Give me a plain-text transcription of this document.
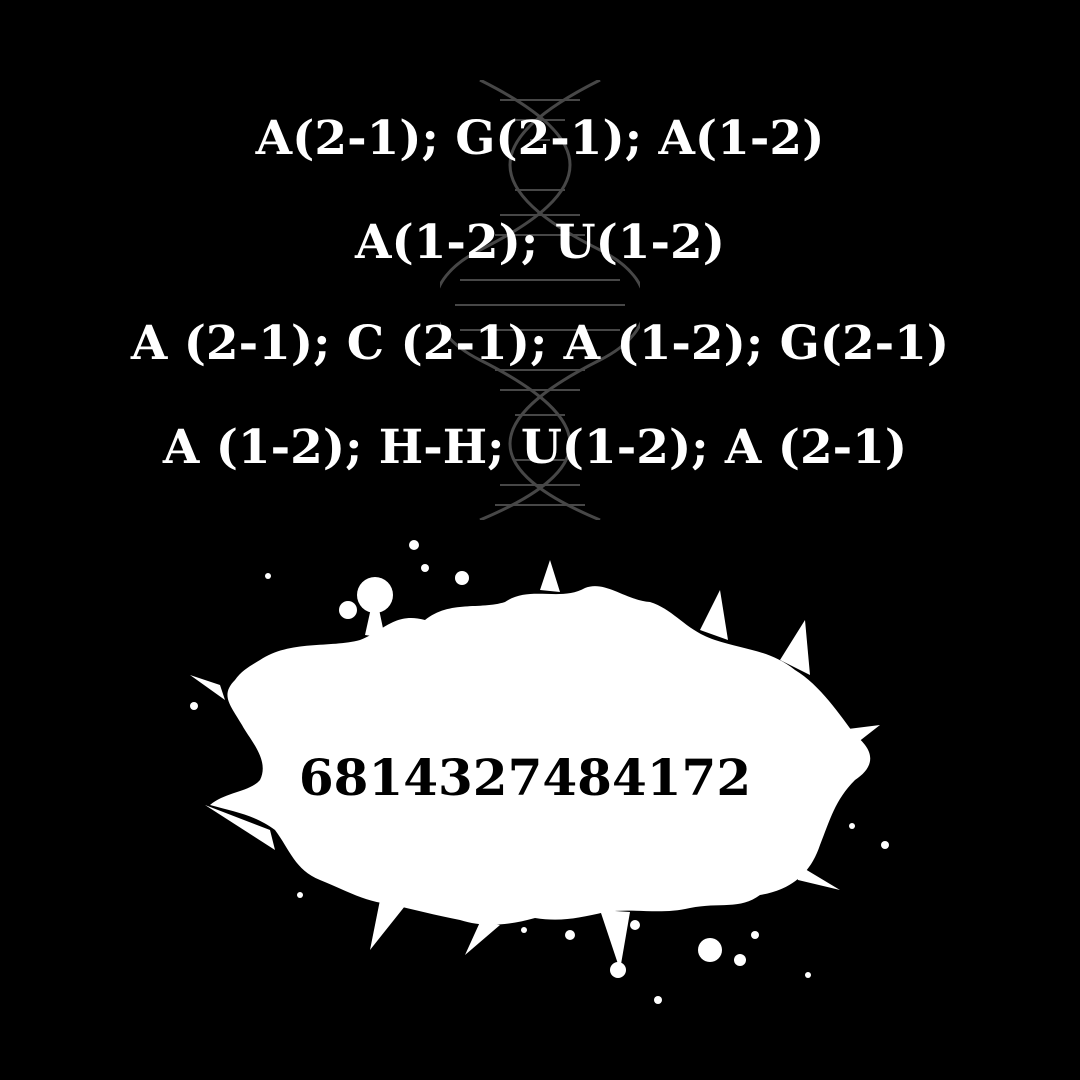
A(2-1); G(2-1); A(1-2)
A(1-2); U(1-2)
A (2-1); C (2-1); A (1-2); G(2-1)
A (1-2); H-H; U(1-2); A (2-1)
6814327484172
